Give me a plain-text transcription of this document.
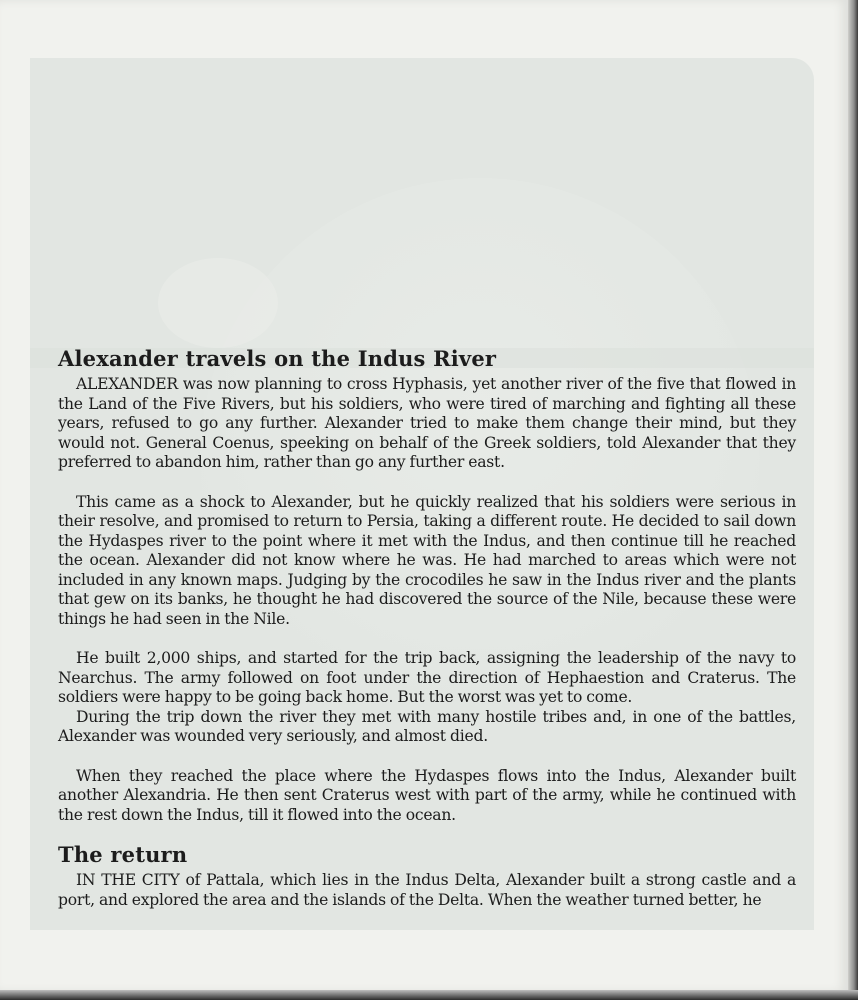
Alexander travels on the Indus River

ALEXANDER was now planning to cross Hyphasis, yet another river of the five that flowed in the Land of the Five Rivers, but his soldiers, who were tired of marching and fighting all these years, refused to go any further. Alexander tried to make them change their mind, but they would not. General Coenus, speeking on behalf of the Greek soldiers, told Alexander that they preferred to abandon him, rather than go any further east.

This came as a shock to Alexander, but he quickly realized that his soldiers were serious in their resolve, and promised to return to Persia, taking a different route. He decided to sail down the Hydaspes river to the point where it met with the Indus, and then continue till he reached the ocean. Alexander did not know where he was. He had marched to areas which were not included in any known maps. Judging by the crocodiles he saw in the Indus river and the plants that gew on its banks, he thought he had discovered the source of the Nile, because these were things he had seen in the Nile.

He built 2,000 ships, and started for the trip back, assigning the leadership of the navy to Nearchus. The army followed on foot under the direction of Hephaestion and Craterus. The soldiers were happy to be going back home. But the worst was yet to come.

During the trip down the river they met with many hostile tribes and, in one of the battles, Alexander was wounded very seriously, and almost died.

When they reached the place where the Hydaspes flows into the Indus, Alexander built another Alexandria. He then sent Craterus west with part of the army, while he continued with the rest down the Indus, till it flowed into the ocean.

The return

IN THE CITY of Pattala, which lies in the Indus Delta, Alexander built a strong castle and a port, and explored the area and the islands of the Delta. When the weather turned better, he
